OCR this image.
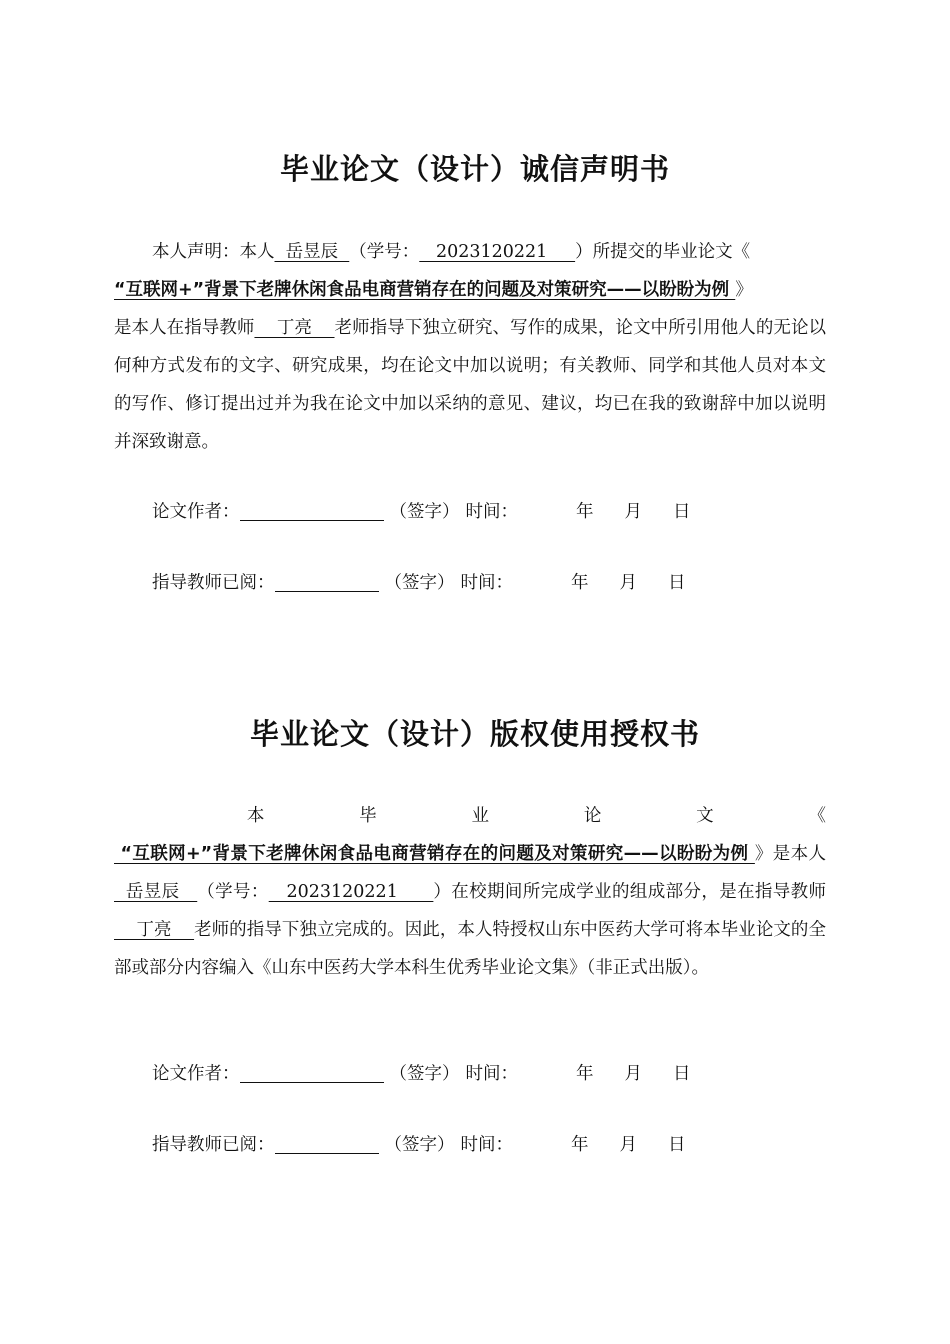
毕业论文（设计）诚信声明书
本人声明：本人  岳昱辰  （学号：   2023120221     ）所提交的毕业论文《
“互联网+”背景下老牌休闲食品电商营销存在的问题及对策研究——以盼盼为例 》
是本人在指导教师    丁亮    老师指导下独立研究、写作的成果，论文中所引用他人的无论以何种方式发布的文字、研究成果，均在论文中加以说明；有关教师、同学和其他人员对本文的写作、修订提出过并为我在论文中加以采纳的意见、建议，均已在我的致谢辞中加以说明并深致谢意。
论文作者：	（签字） 时间：	年 月 日
指导教师已阅：	（签字） 时间：	年 月 日
毕业论文（设计）版权使用授权书
本毕业论文《 “互联网+”背景下老牌休闲食品电商营销存在的问题及对策研究——以盼盼为例 》是本人  岳昱辰   （学号：   2023120221      ）在校期间所完成学业的组成部分，是在指导教师    丁亮    老师的指导下独立完成的。因此，本人特授权山东中医药大学可将本毕业论文的全部或部分内容编入《山东中医药大学本科生优秀毕业论文集》（非正式出版）。
论文作者：	（签字） 时间：	年 月 日
指导教师已阅：	（签字） 时间：	年 月 日
